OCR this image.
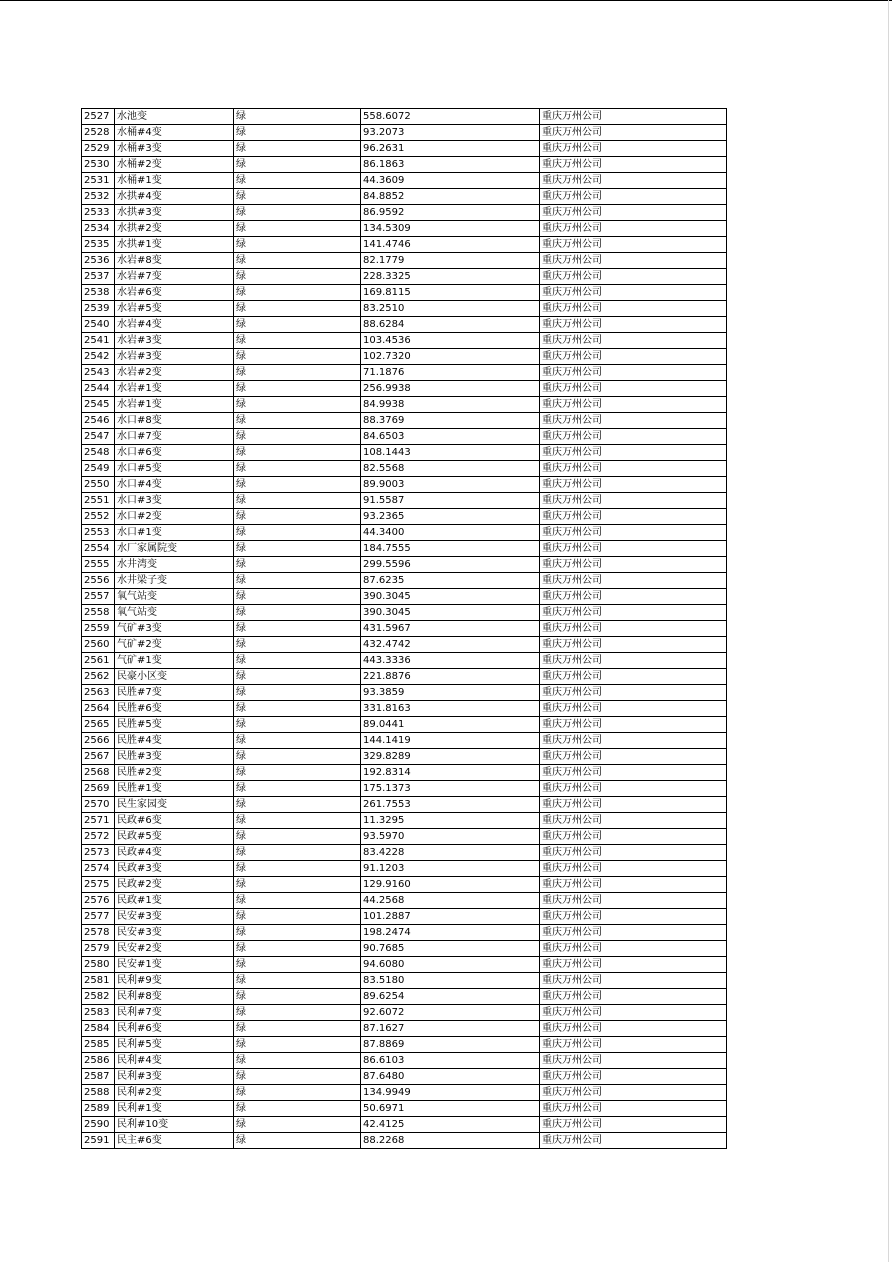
2527	水池变	绿	558.6072	重庆万州公司
2528	水桶#4变	绿	93.2073	重庆万州公司
2529	水桶#3变	绿	96.2631	重庆万州公司
2530	水桶#2变	绿	86.1863	重庆万州公司
2531	水桶#1变	绿	44.3609	重庆万州公司
2532	水拱#4变	绿	84.8852	重庆万州公司
2533	水拱#3变	绿	86.9592	重庆万州公司
2534	水拱#2变	绿	134.5309	重庆万州公司
2535	水拱#1变	绿	141.4746	重庆万州公司
2536	水岩#8变	绿	82.1779	重庆万州公司
2537	水岩#7变	绿	228.3325	重庆万州公司
2538	水岩#6变	绿	169.8115	重庆万州公司
2539	水岩#5变	绿	83.2510	重庆万州公司
2540	水岩#4变	绿	88.6284	重庆万州公司
2541	水岩#3变	绿	103.4536	重庆万州公司
2542	水岩#3变	绿	102.7320	重庆万州公司
2543	水岩#2变	绿	71.1876	重庆万州公司
2544	水岩#1变	绿	256.9938	重庆万州公司
2545	水岩#1变	绿	84.9938	重庆万州公司
2546	水口#8变	绿	88.3769	重庆万州公司
2547	水口#7变	绿	84.6503	重庆万州公司
2548	水口#6变	绿	108.1443	重庆万州公司
2549	水口#5变	绿	82.5568	重庆万州公司
2550	水口#4变	绿	89.9003	重庆万州公司
2551	水口#3变	绿	91.5587	重庆万州公司
2552	水口#2变	绿	93.2365	重庆万州公司
2553	水口#1变	绿	44.3400	重庆万州公司
2554	水厂家属院变	绿	184.7555	重庆万州公司
2555	水井湾变	绿	299.5596	重庆万州公司
2556	水井梁子变	绿	87.6235	重庆万州公司
2557	氧气站变	绿	390.3045	重庆万州公司
2558	氧气站变	绿	390.3045	重庆万州公司
2559	气矿#3变	绿	431.5967	重庆万州公司
2560	气矿#2变	绿	432.4742	重庆万州公司
2561	气矿#1变	绿	443.3336	重庆万州公司
2562	民豪小区变	绿	221.8876	重庆万州公司
2563	民胜#7变	绿	93.3859	重庆万州公司
2564	民胜#6变	绿	331.8163	重庆万州公司
2565	民胜#5变	绿	89.0441	重庆万州公司
2566	民胜#4变	绿	144.1419	重庆万州公司
2567	民胜#3变	绿	329.8289	重庆万州公司
2568	民胜#2变	绿	192.8314	重庆万州公司
2569	民胜#1变	绿	175.1373	重庆万州公司
2570	民生家园变	绿	261.7553	重庆万州公司
2571	民政#6变	绿	11.3295	重庆万州公司
2572	民政#5变	绿	93.5970	重庆万州公司
2573	民政#4变	绿	83.4228	重庆万州公司
2574	民政#3变	绿	91.1203	重庆万州公司
2575	民政#2变	绿	129.9160	重庆万州公司
2576	民政#1变	绿	44.2568	重庆万州公司
2577	民安#3变	绿	101.2887	重庆万州公司
2578	民安#3变	绿	198.2474	重庆万州公司
2579	民安#2变	绿	90.7685	重庆万州公司
2580	民安#1变	绿	94.6080	重庆万州公司
2581	民利#9变	绿	83.5180	重庆万州公司
2582	民利#8变	绿	89.6254	重庆万州公司
2583	民利#7变	绿	92.6072	重庆万州公司
2584	民利#6变	绿	87.1627	重庆万州公司
2585	民利#5变	绿	87.8869	重庆万州公司
2586	民利#4变	绿	86.6103	重庆万州公司
2587	民利#3变	绿	87.6480	重庆万州公司
2588	民利#2变	绿	134.9949	重庆万州公司
2589	民利#1变	绿	50.6971	重庆万州公司
2590	民利#10变	绿	42.4125	重庆万州公司
2591	民主#6变	绿	88.2268	重庆万州公司
